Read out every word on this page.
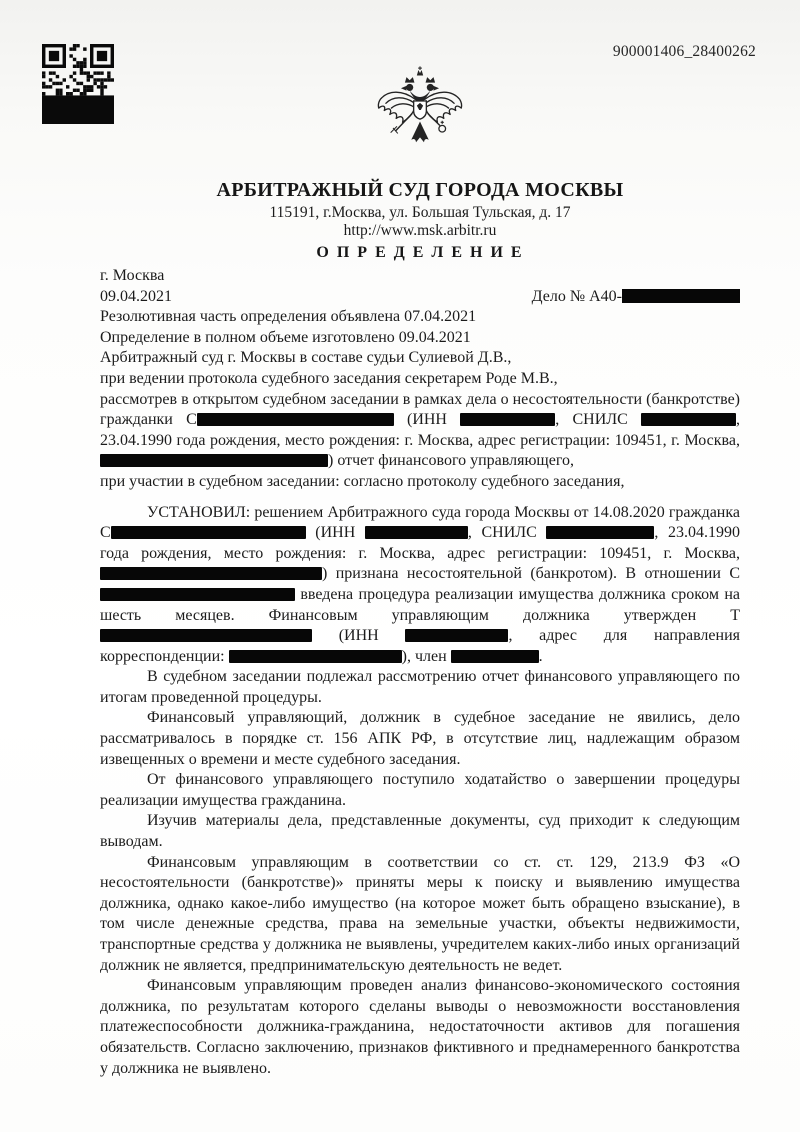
900001406_28400262
АРБИТРАЖНЫЙ СУД ГОРОДА МОСКВЫ
115191, г.Москва, ул. Большая Тульская, д. 17
http://www.msk.arbitr.ru
О П Р Е Д Е Л Е Н И Е
г. Москва
09.04.2021	Дело № А40-
Резолютивная часть определения объявлена 07.04.2021
Определение в полном объеме изготовлено 09.04.2021
Арбитражный суд г. Москвы в составе судьи Сулиевой Д.В.,
при ведении протокола судебного заседания секретарем Роде М.В.,

рассмотрев в открытом судебном заседании в рамках дела о несостоятельности (банкротстве) гражданки С	(ИНН	, СНИЛС	, 23.04.1990 года рождения, место рождения: г. Москва, адрес регистрации: 109451, г. Москва, ) отчет финансового управляющего,

при участии в судебном заседании: согласно протоколу судебного заседания,

УСТАНОВИЛ: решением Арбитражного суда города Москвы от 14.08.2020 гражданка С	(ИНН	, СНИЛС	, 23.04.1990 года рождения, место рождения: г. Москва, адрес регистрации: 109451, г. Москва, ) признана несостоятельной (банкротом). В отношении С введена процедура реализации имущества должника сроком на шесть месяцев. Финансовым управляющим должника утвержден Т (ИНН	, адрес для направления корреспонденции:	), член	.

В судебном заседании подлежал рассмотрению отчет финансового управляющего по итогам проведенной процедуры.

Финансовый управляющий, должник в судебное заседание не явились, дело рассматривалось в порядке ст. 156 АПК РФ, в отсутствие лиц, надлежащим образом извещенных о времени и месте судебного заседания.

От финансового управляющего поступило ходатайство о завершении процедуры реализации имущества гражданина.

Изучив материалы дела, представленные документы, суд приходит к следующим выводам.

Финансовым управляющим в соответствии со ст. ст. 129, 213.9 ФЗ «О несостоятельности (банкротстве)» приняты меры к поиску и выявлению имущества должника, однако какое-либо имущество (на которое может быть обращено взыскание), в том числе денежные средства, права на земельные участки, объекты недвижимости, транспортные средства у должника не выявлены, учредителем каких-либо иных организаций должник не является, предпринимательскую деятельность не ведет.

Финансовым управляющим проведен анализ финансово-экономического состояния должника, по результатам которого сделаны выводы о невозможности восстановления платежеспособности должника-гражданина, недостаточности активов для погашения обязательств. Согласно заключению, признаков фиктивного и преднамеренного банкротства у должника не выявлено.
